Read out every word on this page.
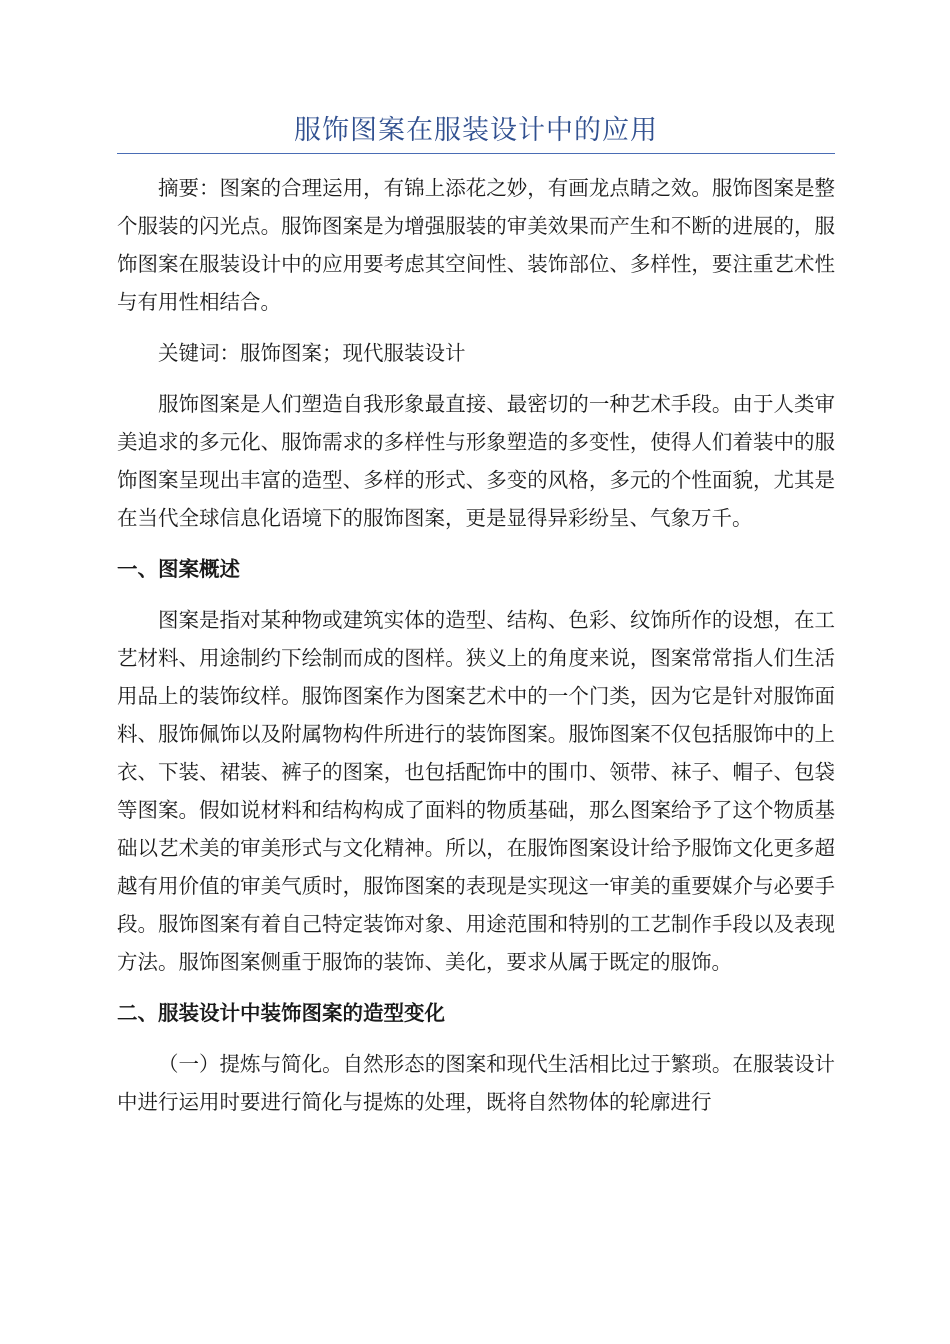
服饰图案在服装设计中的应用

摘要：图案的合理运用，有锦上添花之妙，有画龙点睛之效。服饰图案是整个服装的闪光点。服饰图案是为增强服装的审美效果而产生和不断的进展的，服饰图案在服装设计中的应用要考虑其空间性、装饰部位、多样性，要注重艺术性与有用性相结合。

关键词：服饰图案；现代服装设计

服饰图案是人们塑造自我形象最直接、最密切的一种艺术手段。由于人类审美追求的多元化、服饰需求的多样性与形象塑造的多变性，使得人们着装中的服饰图案呈现出丰富的造型、多样的形式、多变的风格，多元的个性面貌，尤其是在当代全球信息化语境下的服饰图案，更是显得异彩纷呈、气象万千。

一、图案概述

图案是指对某种物或建筑实体的造型、结构、色彩、纹饰所作的设想，在工艺材料、用途制约下绘制而成的图样。狭义上的角度来说，图案常常指人们生活用品上的装饰纹样。服饰图案作为图案艺术中的一个门类，因为它是针对服饰面料、服饰佩饰以及附属物构件所进行的装饰图案。服饰图案不仅包括服饰中的上衣、下装、裙装、裤子的图案，也包括配饰中的围巾、领带、袜子、帽子、包袋等图案。假如说材料和结构构成了面料的物质基础，那么图案给予了这个物质基础以艺术美的审美形式与文化精神。所以，在服饰图案设计给予服饰文化更多超越有用价值的审美气质时，服饰图案的表现是实现这一审美的重要媒介与必要手段。服饰图案有着自己特定装饰对象、用途范围和特别的工艺制作手段以及表现方法。服饰图案侧重于服饰的装饰、美化，要求从属于既定的服饰。

二、服装设计中装饰图案的造型变化

（一）提炼与简化。自然形态的图案和现代生活相比过于繁琐。在服装设计中进行运用时要进行简化与提炼的处理，既将自然物体的轮廓进行
